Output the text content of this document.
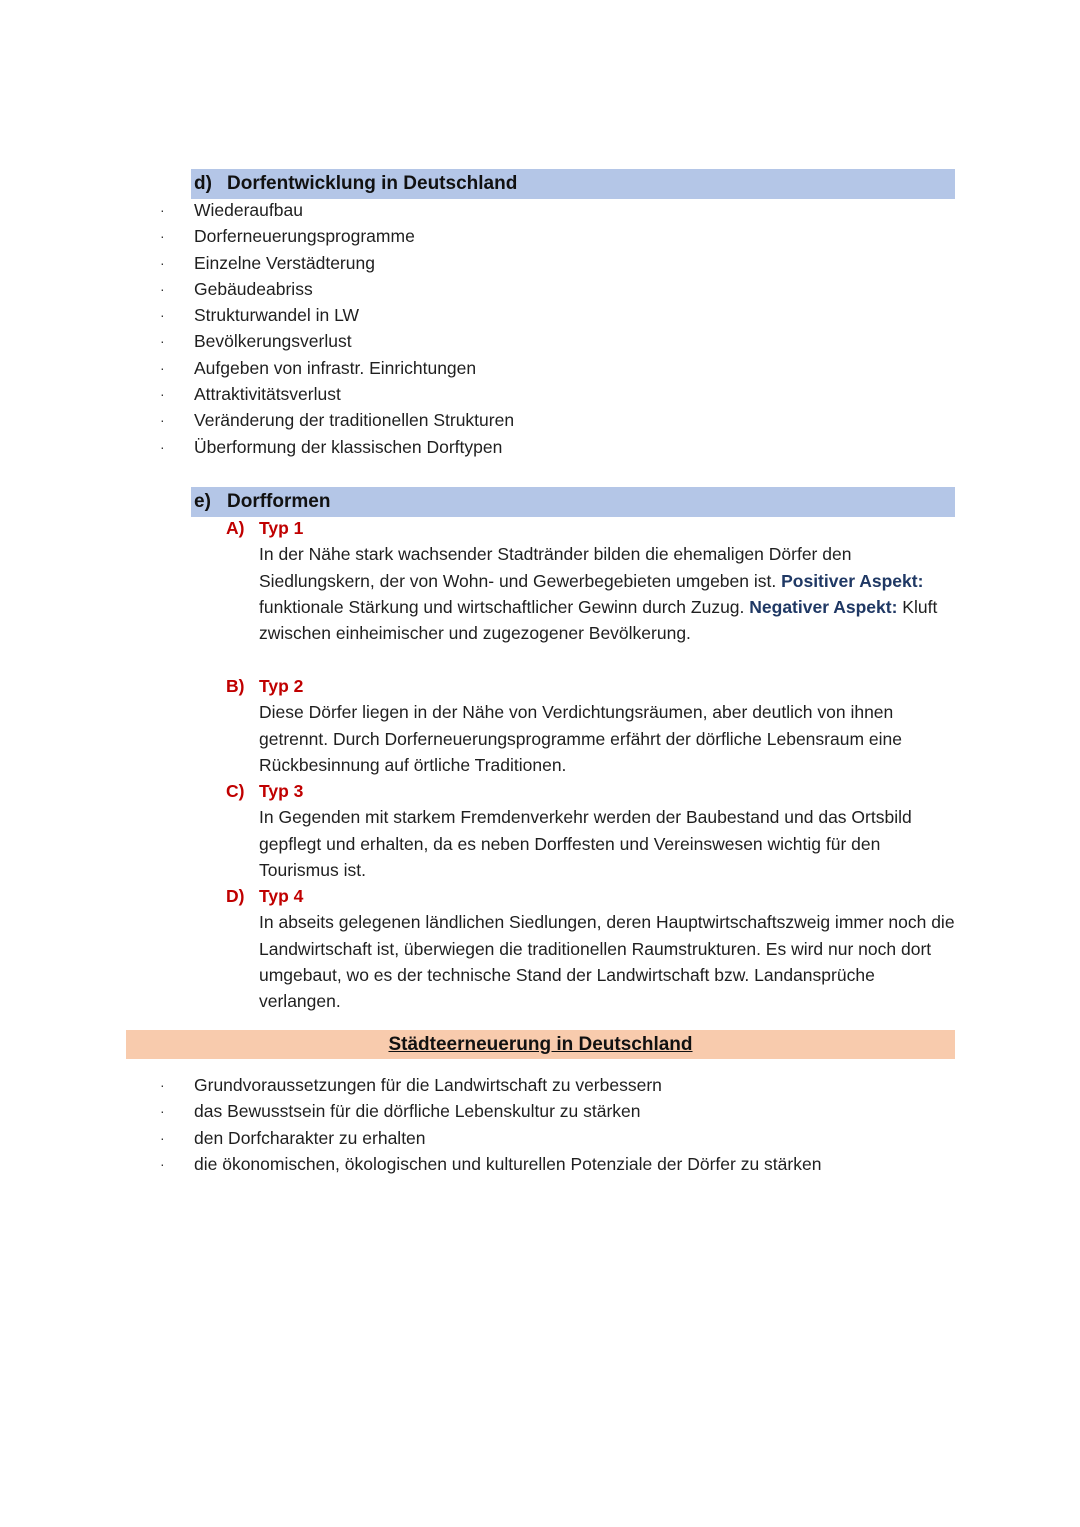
d) Dorfentwicklung in Deutschland
· Wiederaufbau
· Dorferneuerungsprogramme
· Einzelne Verstädterung
· Gebäudeabriss
· Strukturwandel in LW
· Bevölkerungsverlust
· Aufgeben von infrastr. Einrichtungen
· Attraktivitätsverlust
· Veränderung der traditionellen Strukturen
· Überformung der klassischen Dorftypen
e) Dorfformen
A) Typ 1
In der Nähe stark wachsender Stadtränder bilden die ehemaligen Dörfer den Siedlungskern, der von Wohn- und Gewerbegebieten umgeben ist. Positiver Aspekt: funktionale Stärkung und wirtschaftlicher Gewinn durch Zuzug. Negativer Aspekt: Kluft zwischen einheimischer und zugezogener Bevölkerung.
B) Typ 2
Diese Dörfer liegen in der Nähe von Verdichtungsräumen, aber deutlich von ihnen getrennt. Durch Dorferneuerungsprogramme erfährt der dörfliche Lebensraum eine Rückbesinnung auf örtliche Traditionen.
C) Typ 3
In Gegenden mit starkem Fremdenverkehr werden der Baubestand und das Ortsbild gepflegt und erhalten, da es neben Dorffesten und Vereinswesen wichtig für den Tourismus ist.
D) Typ 4
In abseits gelegenen ländlichen Siedlungen, deren Hauptwirtschaftszweig immer noch die Landwirtschaft ist, überwiegen die traditionellen Raumstrukturen. Es wird nur noch dort umgebaut, wo es der technische Stand der Landwirtschaft bzw. Landansprüche verlangen.
Städteerneuerung in Deutschland
· Grundvoraussetzungen für die Landwirtschaft zu verbessern
· das Bewusstsein für die dörfliche Lebenskultur zu stärken
· den Dorfcharakter zu erhalten
· die ökonomischen, ökologischen und kulturellen Potenziale der Dörfer zu stärken
